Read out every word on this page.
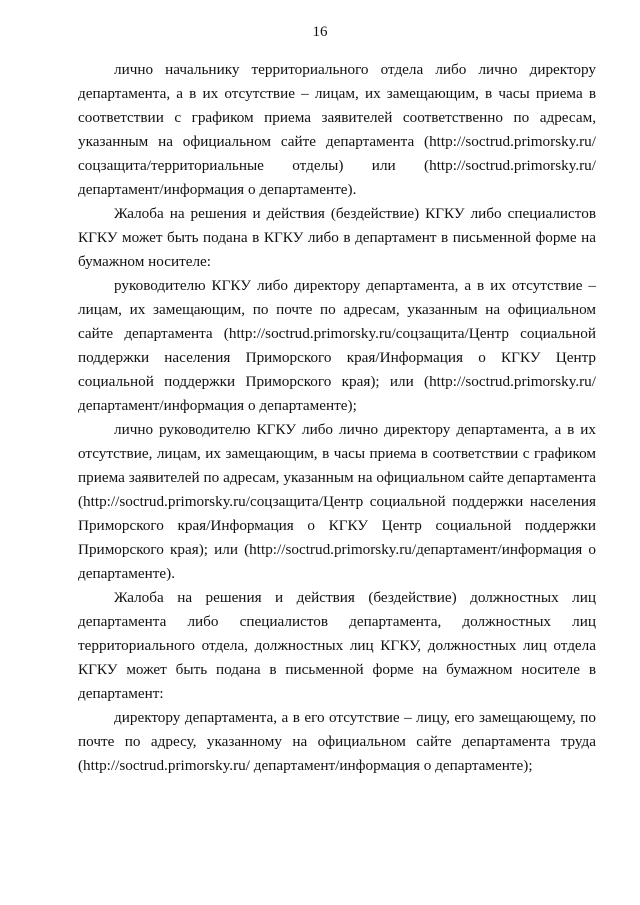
16

лично начальнику территориального отдела либо лично директору департамента, а в их отсутствие – лицам, их замещающим, в часы приема в соответствии с графиком приема заявителей соответственно по адресам, указанным на официальном сайте департамента (http://soctrud.primorsky.ru/соцзащита/территориальные отделы) или (http://soctrud.primorsky.ru/департамент/информация о департаменте).

Жалоба на решения и действия (бездействие) КГКУ либо специалистов КГКУ может быть подана в КГКУ либо в департамент в письменной форме на бумажном носителе:

руководителю КГКУ либо директору департамента, а в их отсутствие – лицам, их замещающим, по почте по адресам, указанным на официальном сайте департамента (http://soctrud.primorsky.ru/соцзащита/Центр социальной поддержки населения Приморского края/Информация о КГКУ Центр социальной поддержки Приморского края); или (http://soctrud.primorsky.ru/департамент/информация о департаменте);

лично руководителю КГКУ либо лично директору департамента, а в их отсутствие, лицам, их замещающим, в часы приема в соответствии с графиком приема заявителей по адресам, указанным на официальном сайте департамента (http://soctrud.primorsky.ru/соцзащита/Центр социальной поддержки населения Приморского края/Информация о КГКУ Центр социальной поддержки Приморского края); или (http://soctrud.primorsky.ru/департамент/информация о департаменте).

Жалоба на решения и действия (бездействие) должностных лиц департамента либо специалистов департамента, должностных лиц территориального отдела, должностных лиц КГКУ, должностных лиц отдела КГКУ может быть подана в письменной форме на бумажном носителе в департамент:

директору департамента, а в его отсутствие – лицу, его замещающему, по почте по адресу, указанному на официальном сайте департамента труда (http://soctrud.primorsky.ru/ департамент/информация о департаменте);
